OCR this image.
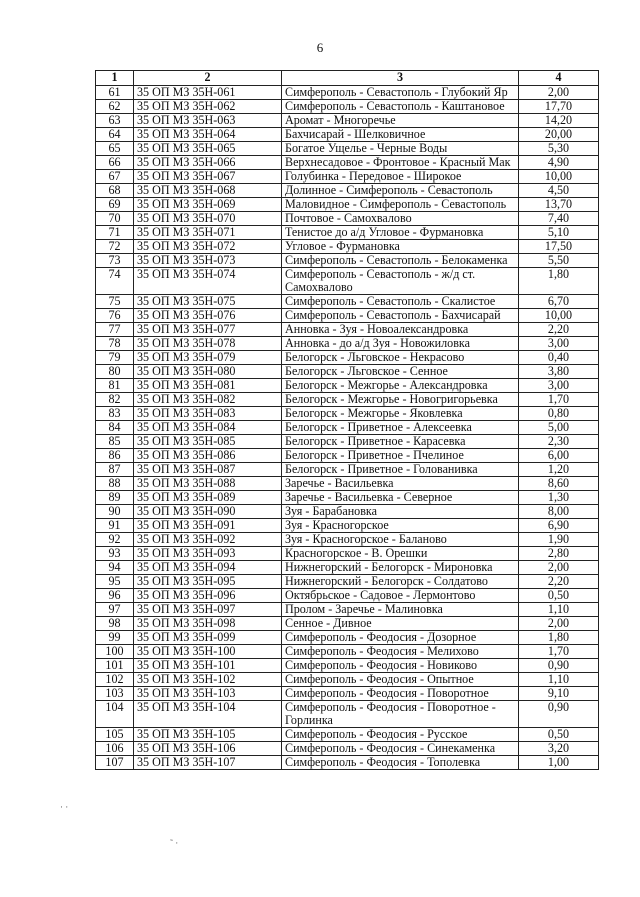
6
1	2	3	4
61	35 ОП МЗ 35Н-061	Симферополь - Севастополь - Глубокий Яр	2,00
62	35 ОП МЗ 35Н-062	Симферополь - Севастополь - Каштановое	17,70
63	35 ОП МЗ 35Н-063	Аромат - Многоречье	14,20
64	35 ОП МЗ 35Н-064	Бахчисарай - Шелковичное	20,00
65	35 ОП МЗ 35Н-065	Богатое Ущелье - Черные Воды	5,30
66	35 ОП МЗ 35Н-066	Верхнесадовое - Фронтовое - Красный Мак	4,90
67	35 ОП МЗ 35Н-067	Голубинка - Передовое - Широкое	10,00
68	35 ОП МЗ 35Н-068	Долинное - Симферополь - Севастополь	4,50
69	35 ОП МЗ 35Н-069	Маловидное - Симферополь - Севастополь	13,70
70	35 ОП МЗ 35Н-070	Почтовое - Самохвалово	7,40
71	35 ОП МЗ 35Н-071	Тенистое до а/д Угловое - Фурмановка	5,10
72	35 ОП МЗ 35Н-072	Угловое - Фурмановка	17,50
73	35 ОП МЗ 35Н-073	Симферополь - Севастополь - Белокаменка	5,50
74	35 ОП МЗ 35Н-074	Симферополь - Севастополь - ж/д ст. Самохвалово	1,80
75	35 ОП МЗ 35Н-075	Симферополь - Севастополь - Скалистое	6,70
76	35 ОП МЗ 35Н-076	Симферополь - Севастополь - Бахчисарай	10,00
77	35 ОП МЗ 35Н-077	Анновка - Зуя - Новоалександровка	2,20
78	35 ОП МЗ 35Н-078	Анновка - до а/д Зуя - Новожиловка	3,00
79	35 ОП МЗ 35Н-079	Белогорск - Льговское - Некрасово	0,40
80	35 ОП МЗ 35Н-080	Белогорск - Льговское - Сенное	3,80
81	35 ОП МЗ 35Н-081	Белогорск - Межгорье - Александровка	3,00
82	35 ОП МЗ 35Н-082	Белогорск - Межгорье - Новогригорьевка	1,70
83	35 ОП МЗ 35Н-083	Белогорск - Межгорье - Яковлевка	0,80
84	35 ОП МЗ 35Н-084	Белогорск - Приветное - Алексеевка	5,00
85	35 ОП МЗ 35Н-085	Белогорск - Приветное - Карасевка	2,30
86	35 ОП МЗ 35Н-086	Белогорск - Приветное - Пчелиное	6,00
87	35 ОП МЗ 35Н-087	Белогорск - Приветное - Голованивка	1,20
88	35 ОП МЗ 35Н-088	Заречье - Васильевка	8,60
89	35 ОП МЗ 35Н-089	Заречье - Васильевка - Северное	1,30
90	35 ОП МЗ 35Н-090	Зуя - Барабановка	8,00
91	35 ОП МЗ 35Н-091	Зуя - Красногорское	6,90
92	35 ОП МЗ 35Н-092	Зуя - Красногорское - Баланово	1,90
93	35 ОП МЗ 35Н-093	Красногорское - В. Орешки	2,80
94	35 ОП МЗ 35Н-094	Нижнегорский - Белогорск - Мироновка	2,00
95	35 ОП МЗ 35Н-095	Нижнегорский - Белогорск - Солдатово	2,20
96	35 ОП МЗ 35Н-096	Октябрьское - Садовое - Лермонтово	0,50
97	35 ОП МЗ 35Н-097	Пролом - Заречье - Малиновка	1,10
98	35 ОП МЗ 35Н-098	Сенное - Дивное	2,00
99	35 ОП МЗ 35Н-099	Симферополь - Феодосия - Дозорное	1,80
100	35 ОП МЗ 35Н-100	Симферополь - Феодосия - Мелихово	1,70
101	35 ОП МЗ 35Н-101	Симферополь - Феодосия - Новиково	0,90
102	35 ОП МЗ 35Н-102	Симферополь - Феодосия - Опытное	1,10
103	35 ОП МЗ 35Н-103	Симферополь - Феодосия - Поворотное	9,10
104	35 ОП МЗ 35Н-104	Симферополь - Феодосия - Поворотное - Горлинка	0,90
105	35 ОП МЗ 35Н-105	Симферополь - Феодосия - Русское	0,50
106	35 ОП МЗ 35Н-106	Симферополь - Феодосия - Синекаменка	3,20
107	35 ОП МЗ 35Н-107	Симферополь - Феодосия - Тополевка	1,00
· ·
˜ ·
